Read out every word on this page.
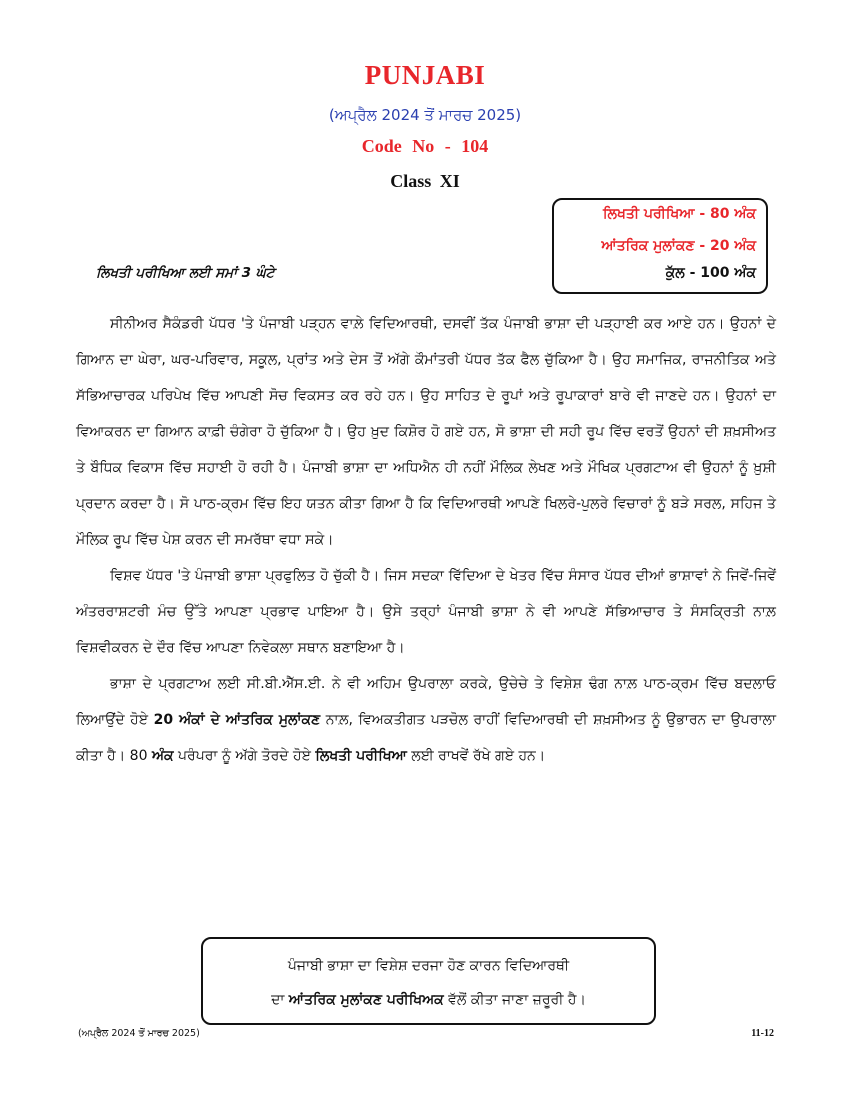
PUNJABI
(ਅਪ੍ਰੈਲ 2024 ਤੋਂ ਮਾਰਚ 2025)
Code No - 104
Class XI
ਲਿਖਤੀ ਪਰੀਖਿਆ - 80 ਅੰਕ
ਆਂਤਰਿਕ ਮੁਲਾਂਕਣ - 20 ਅੰਕ
ਕੁੱਲ - 100 ਅੰਕ
ਲਿਖਤੀ ਪਰੀਖਿਆ ਲਈ ਸਮਾਂ 3 ਘੰਟੇ

ਸੀਨੀਅਰ ਸੈਕੰਡਰੀ ਪੱਧਰ 'ਤੇ ਪੰਜਾਬੀ ਪੜ੍ਹਨ ਵਾਲ਼ੇ ਵਿਦਿਆਰਥੀ, ਦਸਵੀਂ ਤੱਕ ਪੰਜਾਬੀ ਭਾਸ਼ਾ ਦੀ ਪੜ੍ਹਾਈ ਕਰ ਆਏ ਹਨ। ਉਹਨਾਂ ਦੇ ਗਿਆਨ ਦਾ ਘੇਰਾ, ਘਰ-ਪਰਿਵਾਰ, ਸਕੂਲ, ਪ੍ਰਾਂਤ ਅਤੇ ਦੇਸ ਤੋਂ ਅੱਗੇ ਕੌਮਾਂਤਰੀ ਪੱਧਰ ਤੱਕ ਫੈਲ ਚੁੱਕਿਆ ਹੈ। ਉਹ ਸਮਾਜਿਕ, ਰਾਜਨੀਤਿਕ ਅਤੇ ਸੱਭਿਆਚਾਰਕ ਪਰਿਪੇਖ ਵਿੱਚ ਆਪਣੀ ਸੋਚ ਵਿਕਸਤ ਕਰ ਰਹੇ ਹਨ। ਉਹ ਸਾਹਿਤ ਦੇ ਰੂਪਾਂ ਅਤੇ ਰੂਪਾਕਾਰਾਂ ਬਾਰੇ ਵੀ ਜਾਣਦੇ ਹਨ। ਉਹਨਾਂ ਦਾ ਵਿਆਕਰਨ ਦਾ ਗਿਆਨ ਕਾਫ਼ੀ ਚੰਗੇਰਾ ਹੋ ਚੁੱਕਿਆ ਹੈ। ਉਹ ਖ਼ੁਦ ਕਿਸ਼ੋਰ ਹੋ ਗਏ ਹਨ, ਸੋ ਭਾਸ਼ਾ ਦੀ ਸਹੀ ਰੂਪ ਵਿੱਚ ਵਰਤੋਂ ਉਹਨਾਂ ਦੀ ਸ਼ਖ਼ਸੀਅਤ ਤੇ ਬੌਧਿਕ ਵਿਕਾਸ ਵਿੱਚ ਸਹਾਈ ਹੋ ਰਹੀ ਹੈ। ਪੰਜਾਬੀ ਭਾਸ਼ਾ ਦਾ ਅਧਿਐਨ ਹੀ ਨਹੀਂ ਮੌਲਿਕ ਲੇਖਣ ਅਤੇ ਮੌਖਿਕ ਪ੍ਰਗਟਾਅ ਵੀ ਉਹਨਾਂ ਨੂੰ ਖ਼ੁਸ਼ੀ ਪ੍ਰਦਾਨ ਕਰਦਾ ਹੈ। ਸੋ ਪਾਠ-ਕ੍ਰਮ ਵਿੱਚ ਇਹ ਯਤਨ ਕੀਤਾ ਗਿਆ ਹੈ ਕਿ ਵਿਦਿਆਰਥੀ ਆਪਣੇ ਖਿਲਰੇ-ਪੁਲਰੇ ਵਿਚਾਰਾਂ ਨੂੰ ਬੜੇ ਸਰਲ, ਸਹਿਜ ਤੇ ਮੌਲਿਕ ਰੂਪ ਵਿੱਚ ਪੇਸ਼ ਕਰਨ ਦੀ ਸਮਰੱਥਾ ਵਧਾ ਸਕੇ।

ਵਿਸ਼ਵ ਪੱਧਰ 'ਤੇ ਪੰਜਾਬੀ ਭਾਸ਼ਾ ਪ੍ਰਫੁਲਿਤ ਹੋ ਚੁੱਕੀ ਹੈ। ਜਿਸ ਸਦਕਾ ਵਿੱਦਿਆ ਦੇ ਖੇਤਰ ਵਿੱਚ ਸੰਸਾਰ ਪੱਧਰ ਦੀਆਂ ਭਾਸ਼ਾਵਾਂ ਨੇ ਜਿਵੇਂ-ਜਿਵੇਂ ਅੰਤਰਰਾਸ਼ਟਰੀ ਮੰਚ ਉੱਤੇ ਆਪਣਾ ਪ੍ਰਭਾਵ ਪਾਇਆ ਹੈ। ਉਸੇ ਤਰ੍ਹਾਂ ਪੰਜਾਬੀ ਭਾਸ਼ਾ ਨੇ ਵੀ ਆਪਣੇ ਸੱਭਿਆਚਾਰ ਤੇ ਸੰਸਕ੍ਰਿਤੀ ਨਾਲ਼ ਵਿਸ਼ਵੀਕਰਨ ਦੇ ਦੌਰ ਵਿੱਚ ਆਪਣਾ ਨਿਵੇਕਲਾ ਸਥਾਨ ਬਣਾਇਆ ਹੈ।

ਭਾਸ਼ਾ ਦੇ ਪ੍ਰਗਟਾਅ ਲਈ ਸੀ.ਬੀ.ਐੱਸ.ਈ. ਨੇ ਵੀ ਅਹਿਮ ਉਪਰਾਲਾ ਕਰਕੇ, ਉਚੇਚੇ ਤੇ ਵਿਸ਼ੇਸ਼ ਢੰਗ ਨਾਲ਼ ਪਾਠ-ਕ੍ਰਮ ਵਿੱਚ ਬਦਲਾਓ ਲਿਆਉਂਦੇ ਹੋਏ 20 ਅੰਕਾਂ ਦੇ ਆਂਤਰਿਕ ਮੁਲਾਂਕਣ ਨਾਲ਼, ਵਿਅਕਤੀਗਤ ਪੜਚੋਲ ਰਾਹੀਂ ਵਿਦਿਆਰਥੀ ਦੀ ਸ਼ਖ਼ਸੀਅਤ ਨੂੰ ਉਭਾਰਨ ਦਾ ਉਪਰਾਲਾ ਕੀਤਾ ਹੈ। 80 ਅੰਕ ਪਰੰਪਰਾ ਨੂੰ ਅੱਗੇ ਤੋਰਦੇ ਹੋਏ ਲਿਖਤੀ ਪਰੀਖਿਆ ਲਈ ਰਾਖਵੇਂ ਰੱਖੇ ਗਏ ਹਨ।

ਪੰਜਾਬੀ ਭਾਸ਼ਾ ਦਾ ਵਿਸ਼ੇਸ਼ ਦਰਜਾ ਹੋਣ ਕਾਰਨ ਵਿਦਿਆਰਥੀ
ਦਾ ਆਂਤਰਿਕ ਮੁਲਾਂਕਣ ਪਰੀਖਿਅਕ ਵੱਲੋਂ ਕੀਤਾ ਜਾਣਾ ਜ਼ਰੂਰੀ ਹੈ।
(ਅਪ੍ਰੈਲ 2024 ਤੋਂ ਮਾਰਚ 2025)	11-12
